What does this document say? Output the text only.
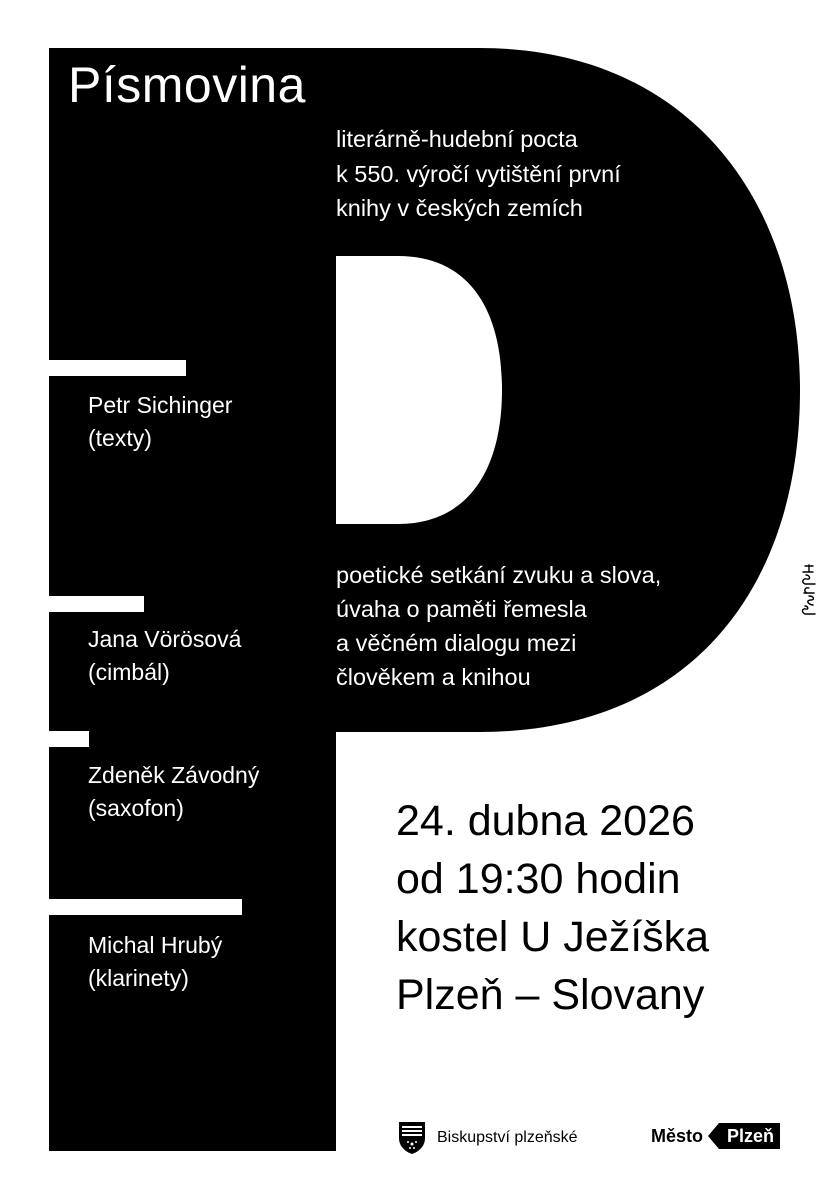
Písmovina
literárně-hudební pocta
k 550. výročí vytištění první
knihy v českých zemích
Petr Sichinger
(texty)
Jana Vörösová
(cimbál)
Zdeněk Závodný
(saxofon)
Michal Hrubý
(klarinety)
poetické setkání zvuku a slova,
úvaha o paměti řemesla
a věčném dialogu mezi
člověkem a knihou
24. dubna 2026
od 19:30 hodin
kostel U Ježíška
Plzeň – Slovany
Biskupství plzeňské	Město	Plzeň
